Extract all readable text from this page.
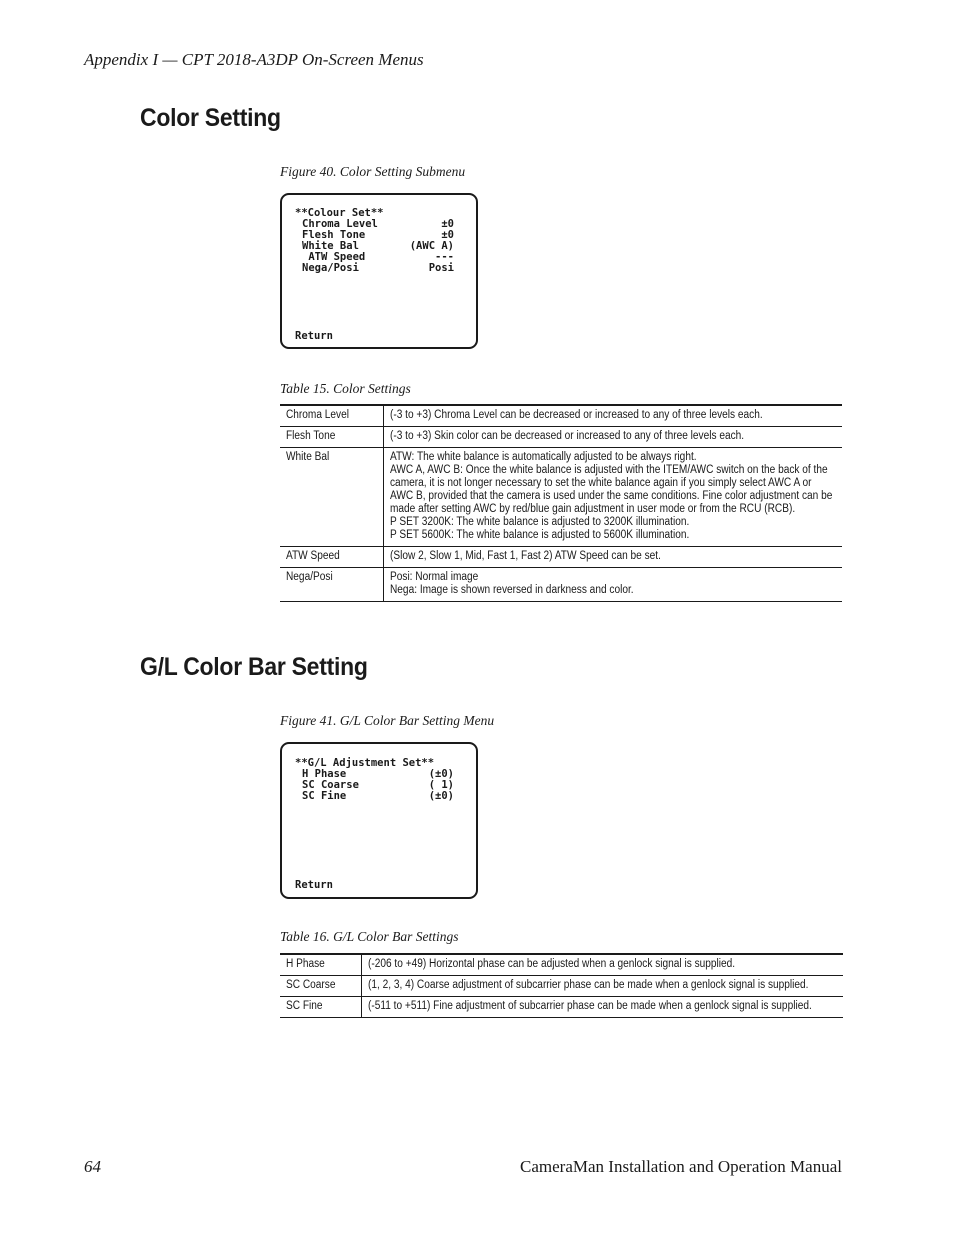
Appendix I — CPT 2018-A3DP On-Screen Menus
Color Setting
Figure 40. Color Setting Submenu
**Colour Set**
Chroma Level	±0
Flesh Tone	±0
White Bal	(AWC A)
ATW Speed	---
Nega/Posi	Posi
Return
Table 15. Color Settings
Chroma Level	(-3 to +3) Chroma Level can be decreased or increased to any of three levels each.
Flesh Tone	(-3 to +3) Skin color can be decreased or increased to any of three levels each.
White Bal	ATW: The white balance is automatically adjusted to be always right.
AWC A, AWC B: Once the white balance is adjusted with the ITEM/AWC switch on the back of the camera, it is not longer necessary to set the white balance again if you simply select AWC A or AWC B, provided that the camera is used under the same conditions. Fine color adjustment can be made after setting AWC by red/blue gain adjustment in user mode or from the RCU (RCB).
P SET 3200K: The white balance is adjusted to 3200K illumination.
P SET 5600K: The white balance is adjusted to 5600K illumination.
ATW Speed	(Slow 2, Slow 1, Mid, Fast 1, Fast 2) ATW Speed can be set.
Nega/Posi	Posi: Normal image
Nega: Image is shown reversed in darkness and color.
G/L Color Bar Setting
Figure 41. G/L Color Bar Setting Menu
**G/L Adjustment Set**
H Phase	(±0)
SC Coarse	( 1)
SC Fine	(±0)
Return
Table 16. G/L Color Bar Settings
H Phase	(-206 to +49) Horizontal phase can be adjusted when a genlock signal is supplied.
SC Coarse	(1, 2, 3, 4) Coarse adjustment of subcarrier phase can be made when a genlock signal is supplied.
SC Fine	(-511 to +511) Fine adjustment of subcarrier phase can be made when a genlock signal is supplied.
64	CameraMan Installation and Operation Manual
